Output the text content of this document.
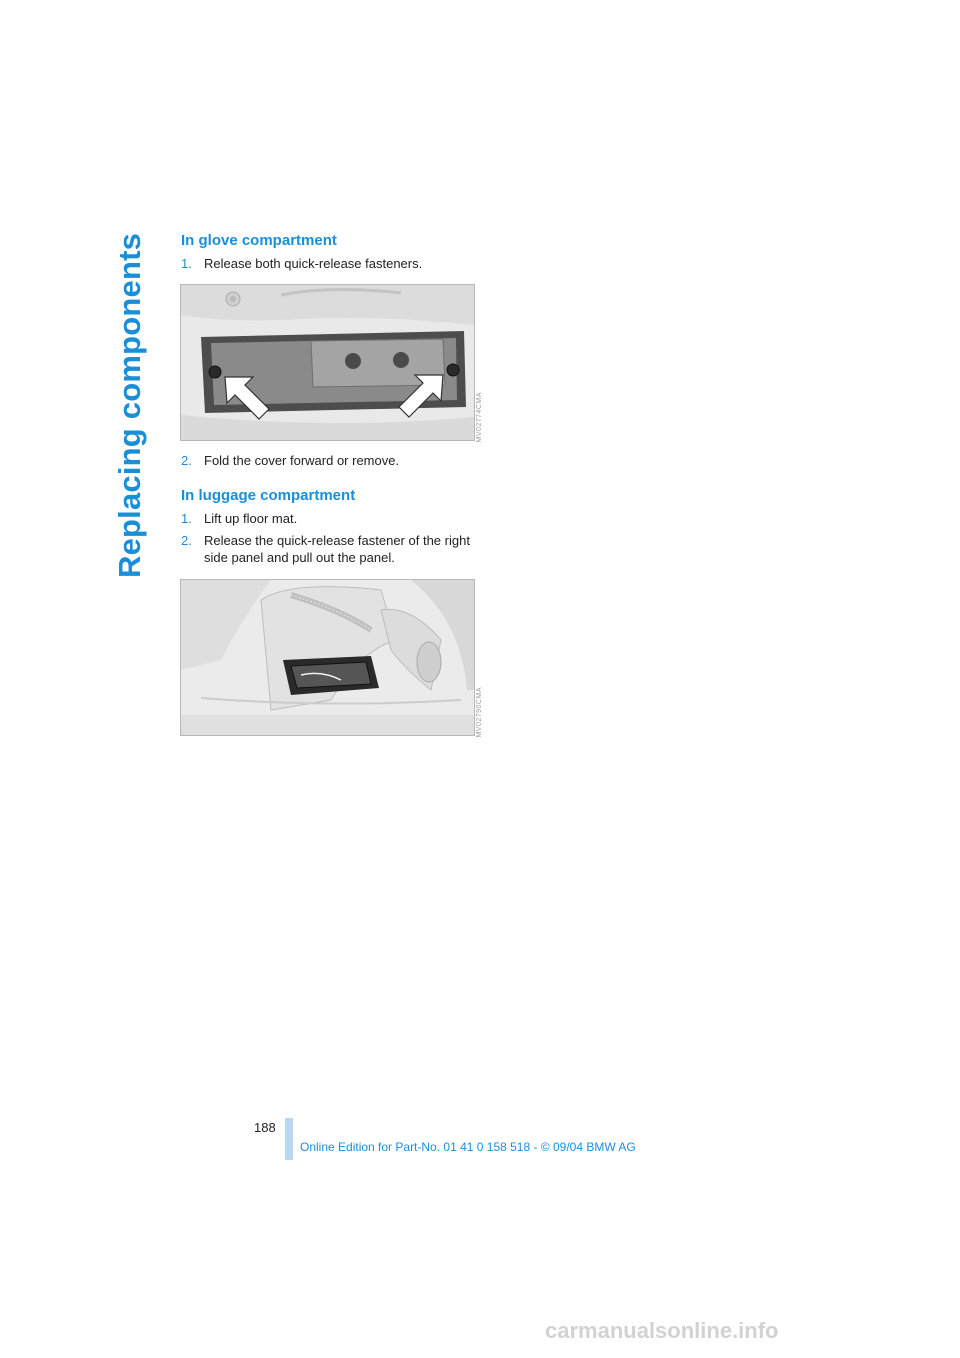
Replacing components In glove compartment
1. Release both quick-release fasteners.
MV02774CMA
2. Fold the cover forward or remove.
In luggage compartment
1. Lift up floor mat.
2. Release the quick-release fastener of the right side panel and pull out the panel.
MV02790CMA
188
Online Edition for Part-No. 01 41 0 158 518 - © 09/04 BMW AG
carmanualsonline.info
